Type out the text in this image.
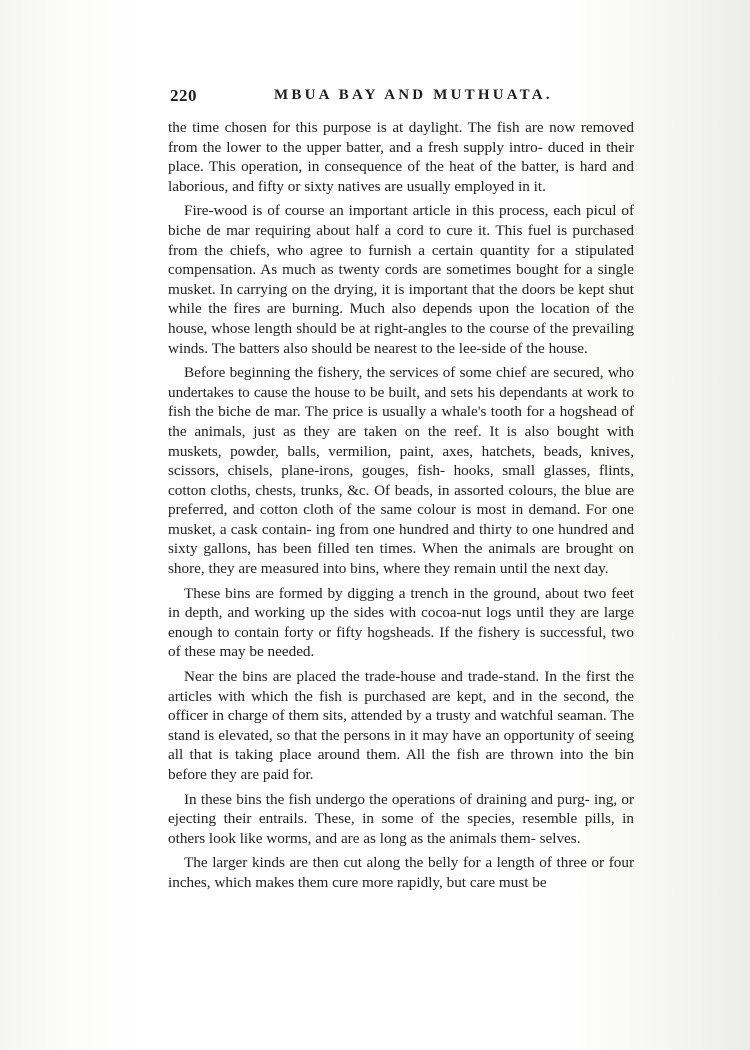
220	MBUA BAY AND MUTHUATA.

the time chosen for this purpose is at daylight. The fish are now removed from the lower to the upper batter, and a fresh supply intro- duced in their place. This operation, in consequence of the heat of the batter, is hard and laborious, and fifty or sixty natives are usually employed in it.

Fire-wood is of course an important article in this process, each picul of biche de mar requiring about half a cord to cure it. This fuel is purchased from the chiefs, who agree to furnish a certain quantity for a stipulated compensation. As much as twenty cords are sometimes bought for a single musket. In carrying on the drying, it is important that the doors be kept shut while the fires are burning. Much also depends upon the location of the house, whose length should be at right-angles to the course of the prevailing winds. The batters also should be nearest to the lee-side of the house.

Before beginning the fishery, the services of some chief are secured, who undertakes to cause the house to be built, and sets his dependants at work to fish the biche de mar. The price is usually a whale's tooth for a hogshead of the animals, just as they are taken on the reef. It is also bought with muskets, powder, balls, vermilion, paint, axes, hatchets, beads, knives, scissors, chisels, plane-irons, gouges, fish- hooks, small glasses, flints, cotton cloths, chests, trunks, &c. Of beads, in assorted colours, the blue are preferred, and cotton cloth of the same colour is most in demand. For one musket, a cask contain- ing from one hundred and thirty to one hundred and sixty gallons, has been filled ten times. When the animals are brought on shore, they are measured into bins, where they remain until the next day.

These bins are formed by digging a trench in the ground, about two feet in depth, and working up the sides with cocoa-nut logs until they are large enough to contain forty or fifty hogsheads. If the fishery is successful, two of these may be needed.

Near the bins are placed the trade-house and trade-stand. In the first the articles with which the fish is purchased are kept, and in the second, the officer in charge of them sits, attended by a trusty and watchful seaman. The stand is elevated, so that the persons in it may have an opportunity of seeing all that is taking place around them. All the fish are thrown into the bin before they are paid for.

In these bins the fish undergo the operations of draining and purg- ing, or ejecting their entrails. These, in some of the species, resemble pills, in others look like worms, and are as long as the animals them- selves.

The larger kinds are then cut along the belly for a length of three or four inches, which makes them cure more rapidly, but care must be
